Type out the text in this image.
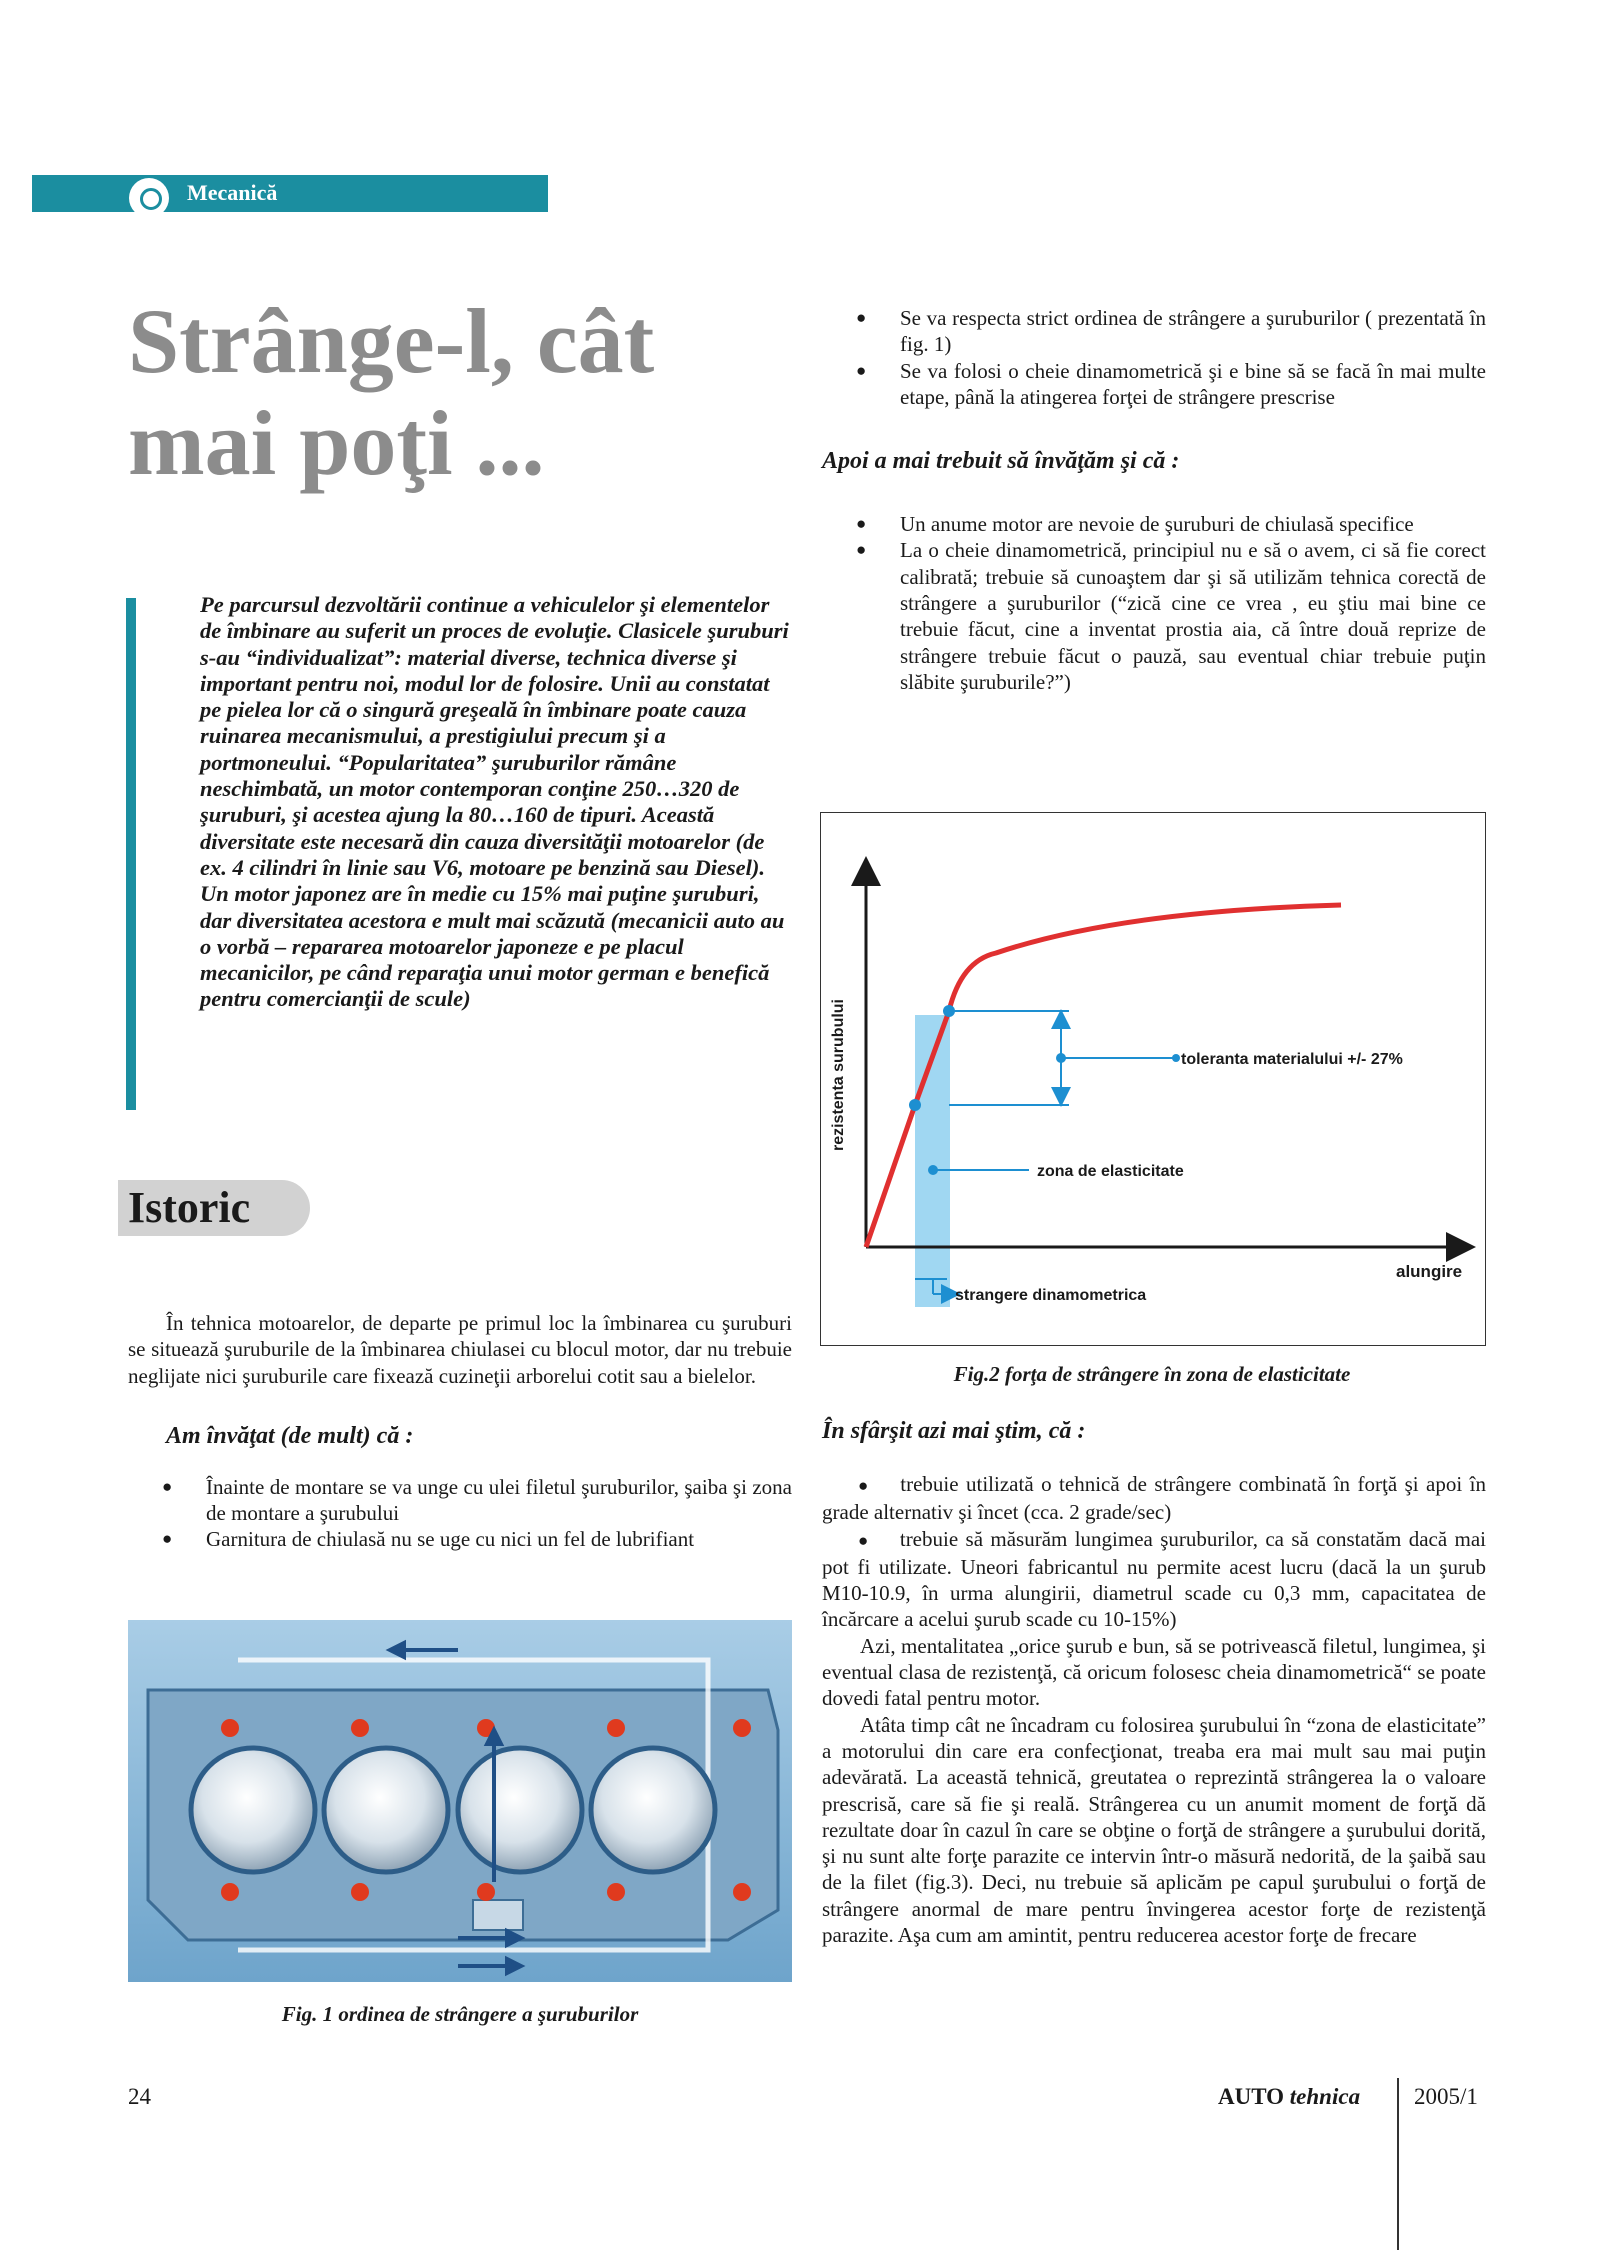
Mecanică
Strânge-l, cât
mai poţi ...

Pe parcursul dezvoltării continue a vehiculelor şi elementelor de îmbinare au suferit un proces de evoluţie. Clasicele şuruburi s-au “individualizat”: material diverse, technica diverse şi important pentru noi, modul lor de folosire. Unii au constatat pe pielea lor că o singură greşeală în îmbinare poate cauza ruinarea mecanismului, a prestigiului precum şi a portmoneului. “Popularitatea” şuruburilor rămâne neschimbată, un motor contemporan conţine 250…320 de şuruburi, şi acestea ajung la 80…160 de tipuri. Această diversitate este necesară din cauza diversităţii motoarelor (de ex. 4 cilindri în linie sau V6, motoare pe benzină sau Diesel). Un motor japonez are în medie cu 15% mai puţine şuruburi, dar diversitatea acestora e mult mai scăzută (mecanicii auto au o vorbă – repararea motoarelor japoneze e pe placul mecanicilor, pe când reparaţia unui motor german e benefică pentru comercianţii de scule)

Istoric

În tehnica motoarelor, de departe pe primul loc la îmbinarea cu şuruburi se situează şuruburile de la îmbinarea chiulasei cu blocul motor, dar nu trebuie neglijate nici şuruburile care fixează cuzineţii arborelui cotit sau a bielelor.

Am învăţat (de mult) că :

● Înainte de montare se va unge cu ulei filetul şuruburilor, şaiba şi zona de montare a şurubului
● Garnitura de chiulasă nu se uge cu nici un fel de lubrifiant
Fig. 1 ordinea de strângere a şuruburilor
● Se va respecta strict ordinea de strângere a şuruburilor ( prezentată în fig. 1)
● Se va folosi o cheie dinamometrică şi e bine să se facă în mai multe etape, până la atingerea forţei de strângere prescrise

Apoi a mai trebuit să învăţăm şi că :

● Un anume motor are nevoie de şuruburi de chiulasă specifice
● La o cheie dinamometrică, principiul nu e să o avem, ci să fie corect calibrată; trebuie să cunoaştem dar şi să utilizăm tehnica corectă de strângere a şuruburilor (“zică cine ce vrea , eu ştiu mai bine ce trebuie făcut, cine a inventat prostia aia, că între două reprize de strângere trebuie făcut o pauză, sau eventual chiar trebuie puţin slăbite şuruburile?”)
rezistenta surubului
alungire
toleranta materialului +/- 27%
zona de elasticitate
strangere dinamometrica
Fig.2 forţa de strângere în zona de elasticitate

În sfârşit azi mai ştim, că :

● trebuie utilizată o tehnică de strângere combinată în forţă şi apoi în grade alternativ şi încet (cca. 2 grade/sec)

● trebuie să măsurăm lungimea şuruburilor, ca să constatăm dacă mai pot fi utilizate. Uneori fabricantul nu permite acest lucru (dacă la un şurub M10-10.9, în urma alungirii, diametrul scade cu 0,3 mm, capacitatea de încărcare a acelui şurub scade cu 10-15%)

Azi, mentalitatea „orice şurub e bun, să se potrivească filetul, lungimea, şi eventual clasa de rezistenţă, că oricum folosesc cheia dinamometrică“ se poate dovedi fatal pentru motor.

Atâta timp cât ne încadram cu folosirea şurubului în “zona de elasticitate” a motorului din care era confecţionat, treaba era mai mult sau mai puţin adevărată. La această tehnică, greutatea o reprezintă strângerea la o valoare prescrisă, care să fie şi reală. Strângerea cu un anumit moment de forţă dă rezultate doar în cazul în care se obţine o forţă de strângere a şurubului dorită, şi nu sunt alte forţe parazite ce intervin într-o măsură nedorită, de la şaibă sau de la filet (fig.3). Deci, nu trebuie să aplicăm pe capul şurubului o forţă de strângere anormal de mare pentru învingerea acestor forţe de rezistenţă parazite. Aşa cum am amintit, pentru reducerea acestor forţe de frecare

24	AUTO tehnica 2005/1
